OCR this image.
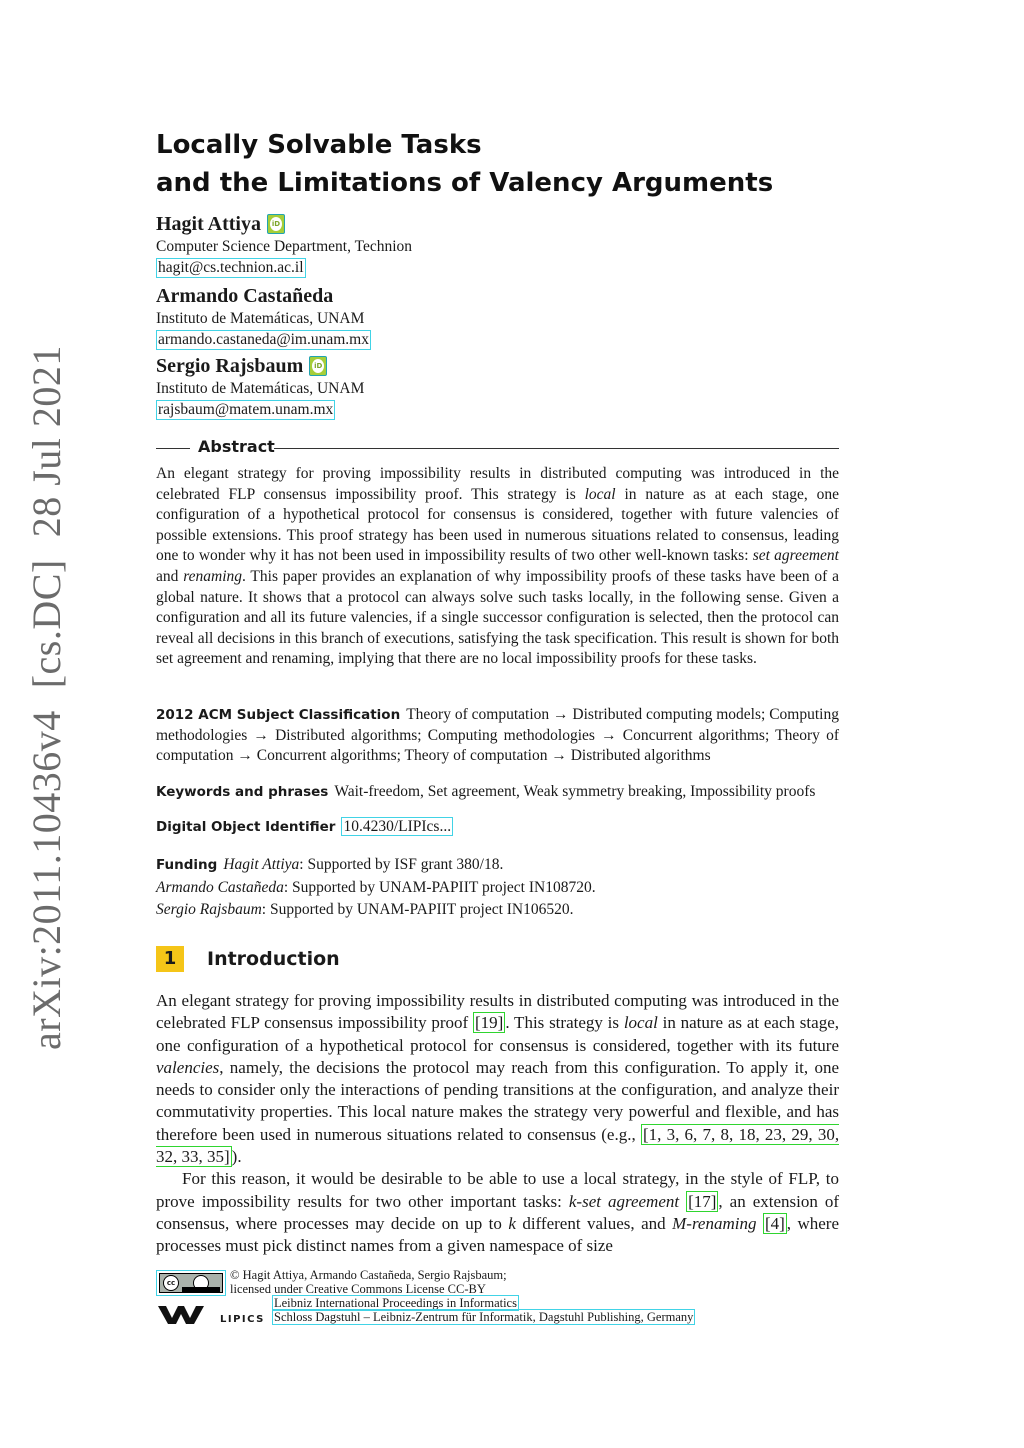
arXiv:2011.10436v4[cs.DC]28 Jul 2021
Locally Solvable Tasks
and the Limitations of Valency Arguments
Hagit Attiya iD
Computer Science Department, Technion
hagit@cs.technion.ac.il
Armando Castañeda
Instituto de Matemáticas, UNAM
armando.castaneda@im.unam.mx
Sergio Rajsbaum iD
Instituto de Matemáticas, UNAM
rajsbaum@matem.unam.mx
Abstract
An elegant strategy for proving impossibility results in distributed computing was introduced in the celebrated FLP consensus impossibility proof. This strategy is local in nature as at each stage, one configuration of a hypothetical protocol for consensus is considered, together with future valencies of possible extensions. This proof strategy has been used in numerous situations related to consensus, leading one to wonder why it has not been used in impossibility results of two other well-known tasks: set agreement and renaming. This paper provides an explanation of why impossibility proofs of these tasks have been of a global nature. It shows that a protocol can always solve such tasks locally, in the following sense. Given a configuration and all its future valencies, if a single successor configuration is selected, then the protocol can reveal all decisions in this branch of executions, satisfying the task specification. This result is shown for both set agreement and renaming, implying that there are no local impossibility proofs for these tasks.
2012 ACM Subject Classification Theory of computation → Distributed computing models; Computing methodologies → Distributed algorithms; Computing methodologies → Concurrent algorithms; Theory of computation → Concurrent algorithms; Theory of computation → Distributed algorithms
Keywords and phrases Wait-freedom, Set agreement, Weak symmetry breaking, Impossibility proofs
Digital Object Identifier 10.4230/LIPIcs...
Funding Hagit Attiya: Supported by ISF grant 380/18.
Armando Castañeda: Supported by UNAM-PAPIIT project IN108720.
Sergio Rajsbaum: Supported by UNAM-PAPIIT project IN106520.
1	Introduction

An elegant strategy for proving impossibility results in distributed computing was introduced in the celebrated FLP consensus impossibility proof [19] . This strategy is local in nature as at each stage, one configuration of a hypothetical protocol for consensus is considered, together with its future valencies, namely, the decisions the protocol may reach from this configuration. To apply it, one needs to consider only the interactions of pending transitions at the configuration, and analyze their commutativity properties. This local nature makes the strategy very powerful and flexible, and has therefore been used in numerous situations related to consensus (e.g., [1, 3, 6, 7, 8, 18, 23, 29, 30, 32, 33, 35] ).

For this reason, it would be desirable to be able to use a local strategy, in the style of FLP, to prove impossibility results for two other important tasks: k-set agreement [17] , an extension of consensus, where processes may decide on up to k different values, and M-renaming [4] , where processes must pick distinct names from a given namespace of size

cc
© Hagit Attiya, Armando Castañeda, Sergio Rajsbaum;
licensed under Creative Commons License CC-BY
LIPICS
Leibniz International Proceedings in Informatics
Schloss Dagstuhl – Leibniz-Zentrum für Informatik, Dagstuhl Publishing, Germany
